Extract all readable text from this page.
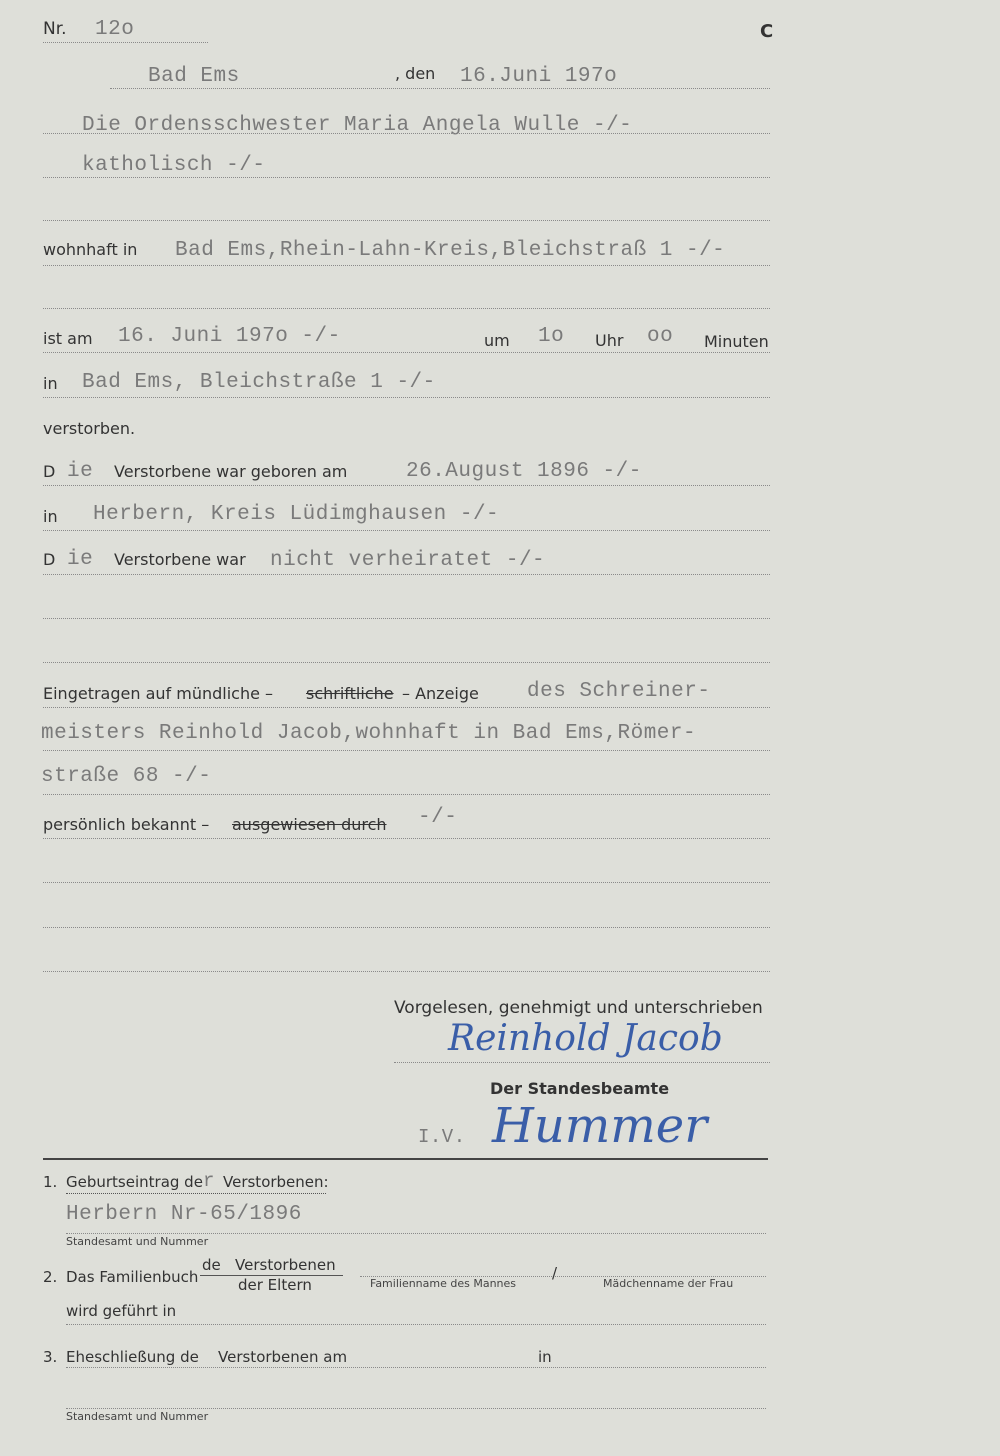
Nr. 12o	C
Bad Ems	, den 16.Juni 197o
Die Ordensschwester Maria Angela Wulle -/-
katholisch -/-
wohnhaft in Bad Ems,Rhein-Lahn-Kreis,Bleichstraß 1 -/-
ist am 16. Juni 197o -/-	um 1o Uhr oo Minuten
in Bad Ems, Bleichstraße 1 -/-
verstorben.
D ie Verstorbene war geboren am	26.August 1896 -/-
in Herbern, Kreis Lüdimghausen -/-
D ie Verstorbene war nicht verheiratet -/-
Eingetragen auf mündliche – schriftliche – Anzeige des Schreiner-
meisters Reinhold Jacob,wohnhaft in Bad Ems,Römer-
straße 68 -/-
persönlich bekannt – ausgewiesen durch -/-
Vorgelesen, genehmigt und unterschrieben
Reinhold Jacob
Der Standesbeamte
I.V. Hummer
1. Geburtseintrag de r Verstorbenen:
Herbern Nr-65/1896
Standesamt und Nummer
2. Das Familienbuch
de   Verstorbenen
der Eltern	Familienname des Mannes
/
Mädchenname der Frau
wird geführt in
3. Eheschließung de Verstorbenen am	in
Standesamt und Nummer
